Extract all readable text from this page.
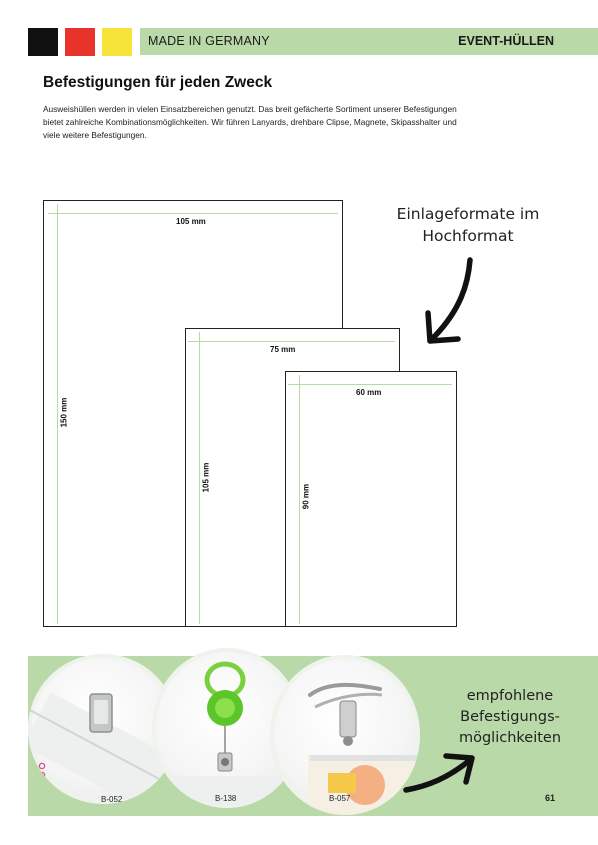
MADE IN GERMANY	EVENT-HÜLLEN
Befestigungen für jeden Zweck

Ausweishüllen werden in vielen Einsatzbereichen genutzt. Das breit gefächerte Sortiment unserer Befestigungen bietet zahlreiche Kombinationsmöglichkeiten. Wir führen Lanyards, drehbare Clipse, Magnete, Skipasshalter und viele weitere Befestigungen.

105 mm
150 mm
75 mm
105 mm
60 mm
90 mm
Einlageformate im
Hochformat
B-052	B-138	B-057
empfohlene
Befestigungs-
möglichkeiten
61
